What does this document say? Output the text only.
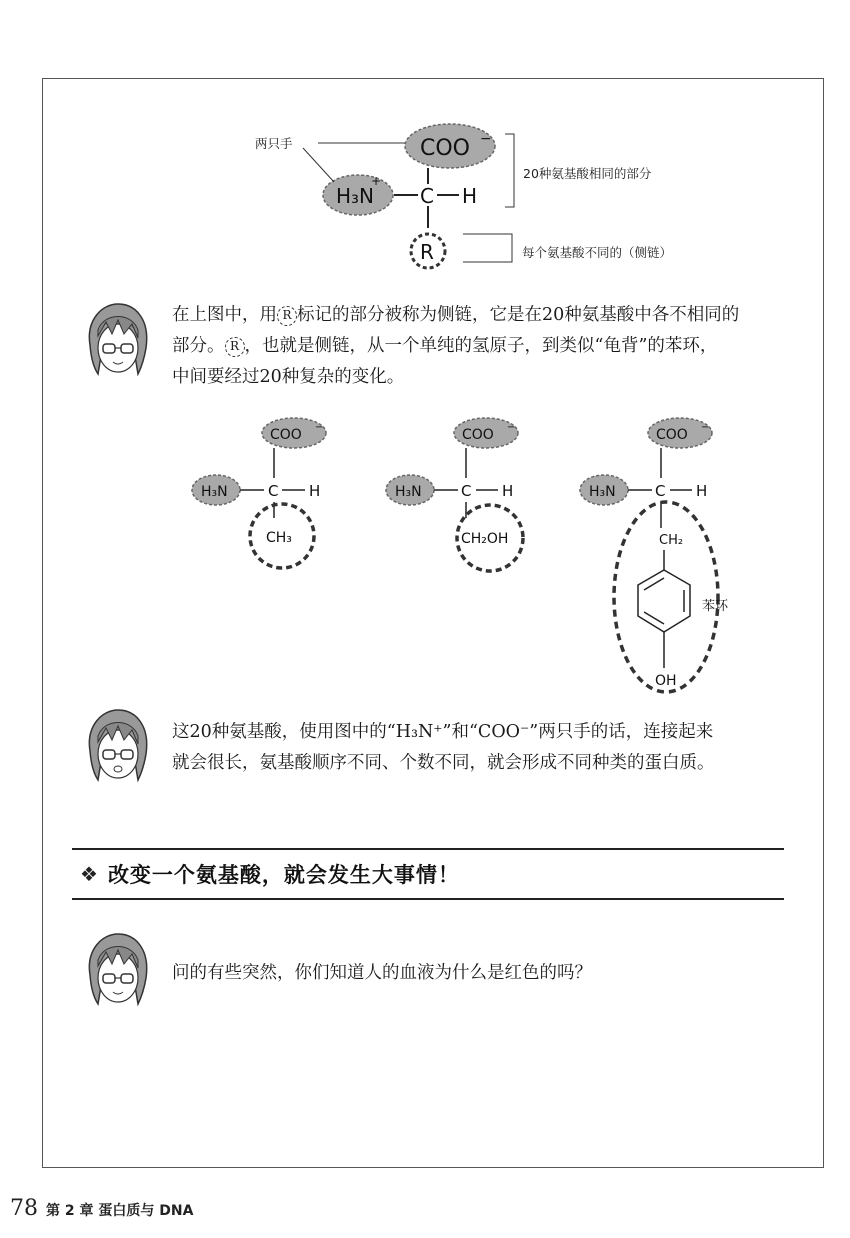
COO −
H₃N
+
C H
R
两只手
20种氨基酸相同的部分
每个氨基酸不同的（侧链）

在上图中，用 R 标记的部分被称为侧链，它是在20种氨基酸中各不相同的
部分。 R ，也就是侧链，从一个单纯的氢原子，到类似“龟背”的苯环，
中间要经过20种复杂的变化。

COO −
H₃N	C H
CH₃
COO −
H₃N	C H
CH₂OH
COO −
H₃N	C H
CH₂
OH
苯环

这20种氨基酸，使用图中的“H₃N⁺”和“COO⁻”两只手的话，连接起来
就会很长，氨基酸顺序不同、个数不同，就会形成不同种类的蛋白质。

❖ 改变一个氨基酸，就会发生大事情！

问的有些突然，你们知道人的血液为什么是红色的吗？

78 第 2 章 蛋白质与 DNA
